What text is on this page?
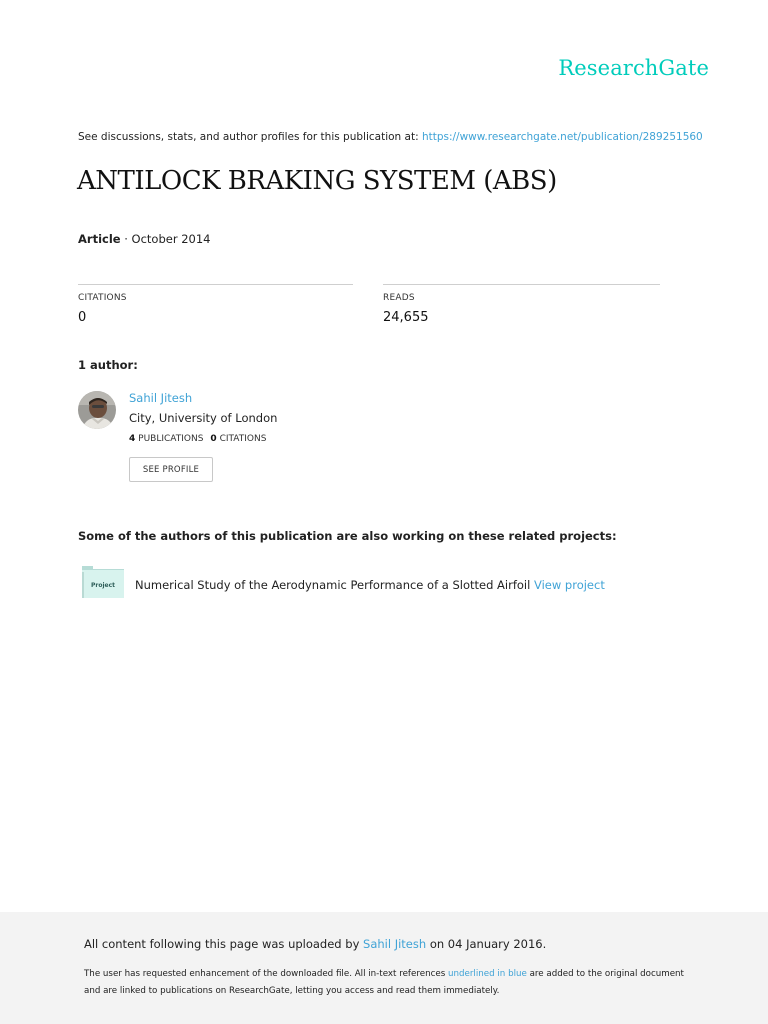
ResearchGate
See discussions, stats, and author profiles for this publication at: https://www.researchgate.net/publication/289251560
ANTILOCK BRAKING SYSTEM (ABS)
Article · October 2014
CITATIONS
0
READS
24,655
1 author:
Sahil Jitesh
City, University of London
4 PUBLICATIONS 0 CITATIONS
SEE PROFILE
Some of the authors of this publication are also working on these related projects:
Project	Numerical Study of the Aerodynamic Performance of a Slotted Airfoil View project
All content following this page was uploaded by Sahil Jitesh on 04 January 2016.
The user has requested enhancement of the downloaded file. All in-text references underlined in blue are added to the original document and are linked to publications on ResearchGate, letting you access and read them immediately.
